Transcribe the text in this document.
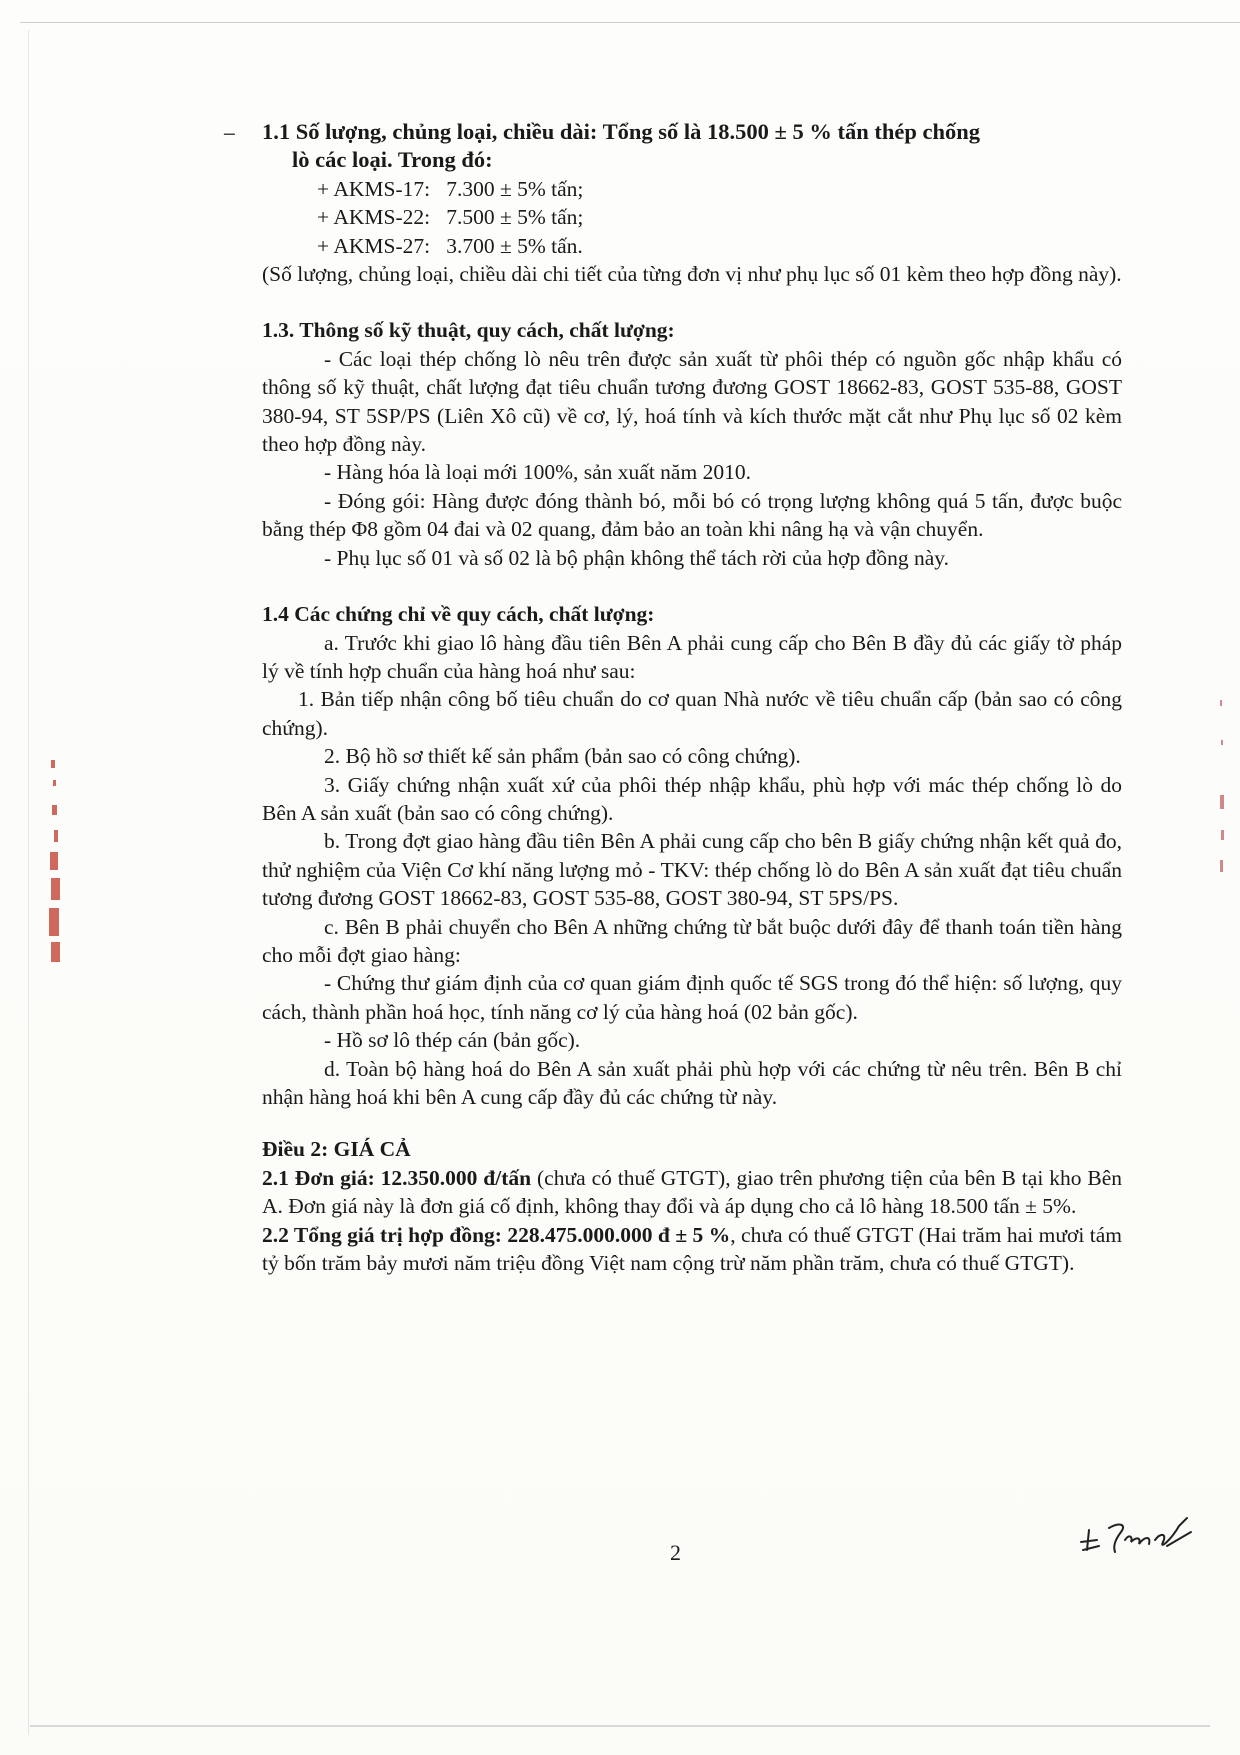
– 1.1 Số lượng, chủng loại, chiều dài: Tổng số là 18.500 ± 5 % tấn thép chống

lò các loại. Trong đó:

+ AKMS-17:   7.300 ± 5% tấn;

+ AKMS-22:   7.500 ± 5% tấn;

+ AKMS-27:   3.700 ± 5% tấn.

(Số lượng, chủng loại, chiều dài chi tiết của từng đơn vị như phụ lục số 01 kèm theo hợp đồng này).

1.3. Thông số kỹ thuật, quy cách, chất lượng:

- Các loại thép chống lò nêu trên được sản xuất từ phôi thép có nguồn gốc nhập khẩu có thông số kỹ thuật, chất lượng đạt tiêu chuẩn tương đương GOST 18662-83, GOST 535-88, GOST 380-94, ST 5SP/PS (Liên Xô cũ) về cơ, lý, hoá tính và kích thước mặt cắt như Phụ lục số 02 kèm theo hợp đồng này.

- Hàng hóa là loại mới 100%, sản xuất năm 2010.

- Đóng gói: Hàng được đóng thành bó, mỗi bó có trọng lượng không quá 5 tấn, được buộc bằng thép Φ8 gồm 04 đai và 02 quang, đảm bảo an toàn khi nâng hạ và vận chuyển.

- Phụ lục số 01 và số 02 là bộ phận không thể tách rời của hợp đồng này.

1.4 Các chứng chỉ về quy cách, chất lượng:

a. Trước khi giao lô hàng đầu tiên Bên A phải cung cấp cho Bên B đầy đủ các giấy tờ pháp lý về tính hợp chuẩn của hàng hoá như sau:

1. Bản tiếp nhận công bố tiêu chuẩn do cơ quan Nhà nước về tiêu chuẩn cấp (bản sao có công chứng).

2. Bộ hồ sơ thiết kế sản phẩm (bản sao có công chứng).

3. Giấy chứng nhận xuất xứ của phôi thép nhập khẩu, phù hợp với mác thép chống lò do Bên A sản xuất (bản sao có công chứng).

b. Trong đợt giao hàng đầu tiên Bên A phải cung cấp cho bên B giấy chứng nhận kết quả đo, thử nghiệm của Viện Cơ khí năng lượng mỏ - TKV: thép chống lò do Bên A sản xuất đạt tiêu chuẩn tương đương GOST 18662-83, GOST 535-88, GOST 380-94, ST 5PS/PS.

c. Bên B phải chuyển cho Bên A những chứng từ bắt buộc dưới đây để thanh toán tiền hàng cho mỗi đợt giao hàng:

- Chứng thư giám định của cơ quan giám định quốc tế SGS trong đó thể hiện: số lượng, quy cách, thành phần hoá học, tính năng cơ lý của hàng hoá (02 bản gốc).

- Hồ sơ lô thép cán (bản gốc).

d. Toàn bộ hàng hoá do Bên A sản xuất phải phù hợp với các chứng từ nêu trên. Bên B chỉ nhận hàng hoá khi bên A cung cấp đầy đủ các chứng từ này.

Điều 2: GIÁ CẢ

2.1 Đơn giá: 12.350.000 đ/tấn (chưa có thuế GTGT), giao trên phương tiện của bên B tại kho Bên A. Đơn giá này là đơn giá cố định, không thay đổi và áp dụng cho cả lô hàng 18.500 tấn ± 5%.

2.2 Tổng giá trị hợp đồng: 228.475.000.000 đ ± 5 %, chưa có thuế GTGT (Hai trăm hai mươi tám tỷ bốn trăm bảy mươi năm triệu đồng Việt nam cộng trừ năm phần trăm, chưa có thuế GTGT).

2
